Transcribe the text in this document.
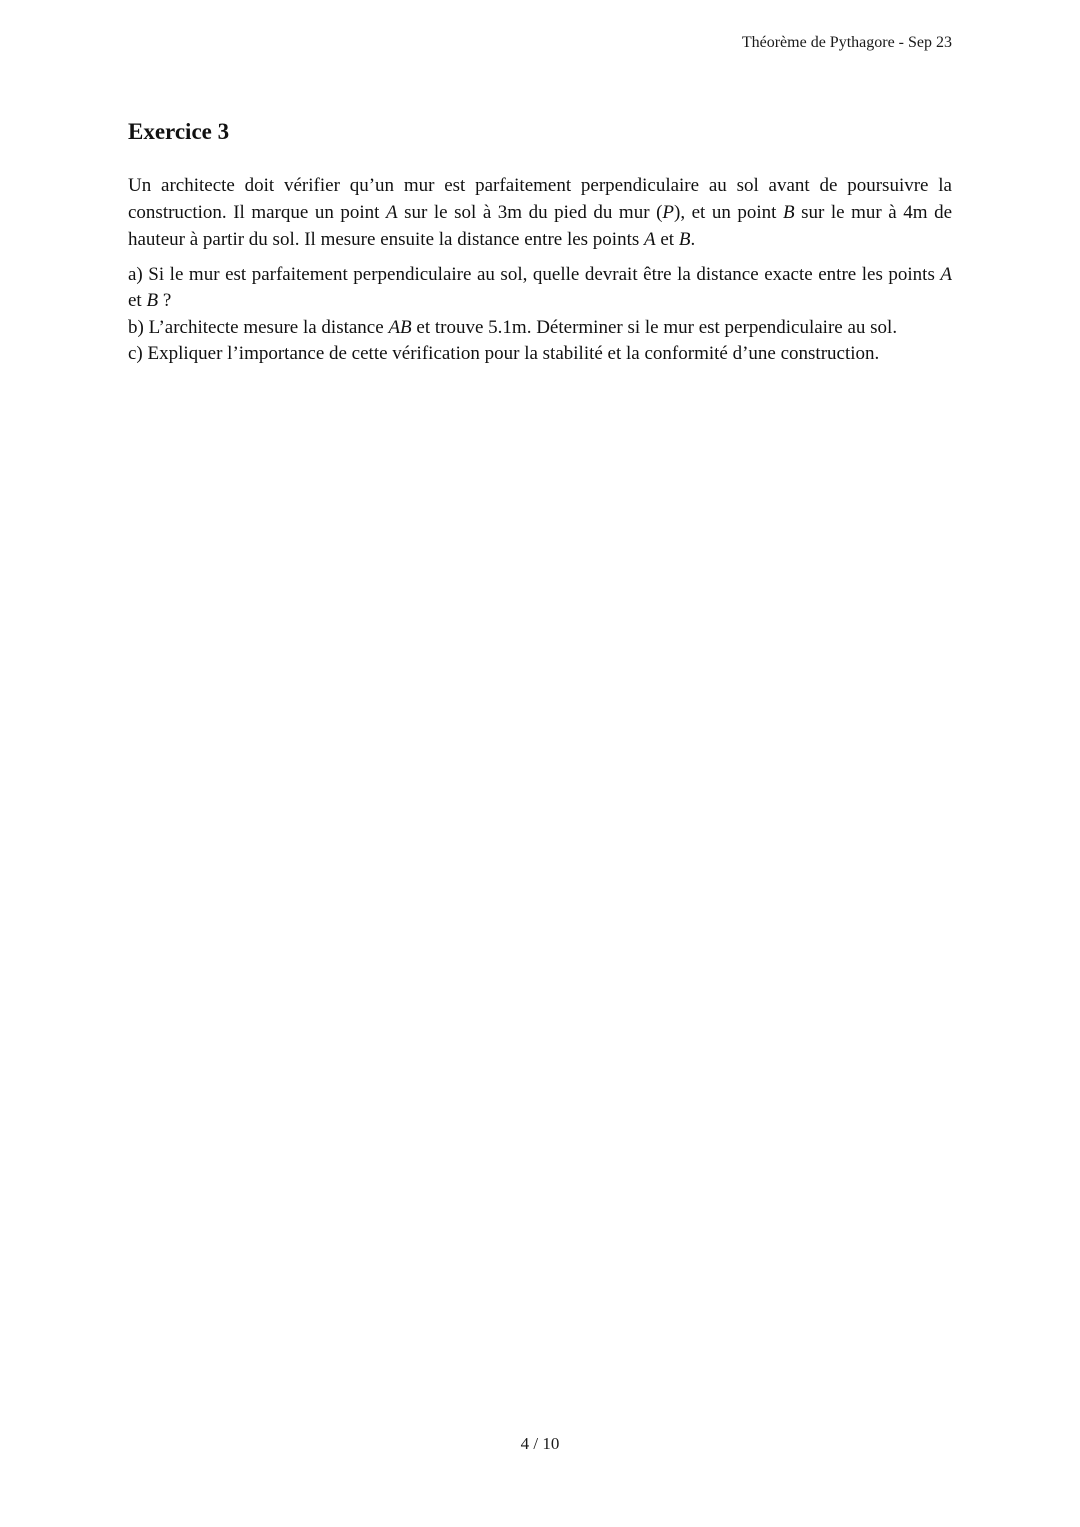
Théorème de Pythagore - Sep 23
Exercice 3

Un architecte doit vérifier qu’un mur est parfaitement perpendiculaire au sol avant de poursuivre la construction. Il marque un point A sur le sol à 3m du pied du mur (P), et un point B sur le mur à 4m de hauteur à partir du sol. Il mesure ensuite la distance entre les points A et B.

a) Si le mur est parfaitement perpendiculaire au sol, quelle devrait être la distance exacte entre les points A et B ?

b) L’architecte mesure la distance AB et trouve 5.1m. Déterminer si le mur est perpendiculaire au sol.

c) Expliquer l’importance de cette vérification pour la stabilité et la conformité d’une construction.

4 / 10
